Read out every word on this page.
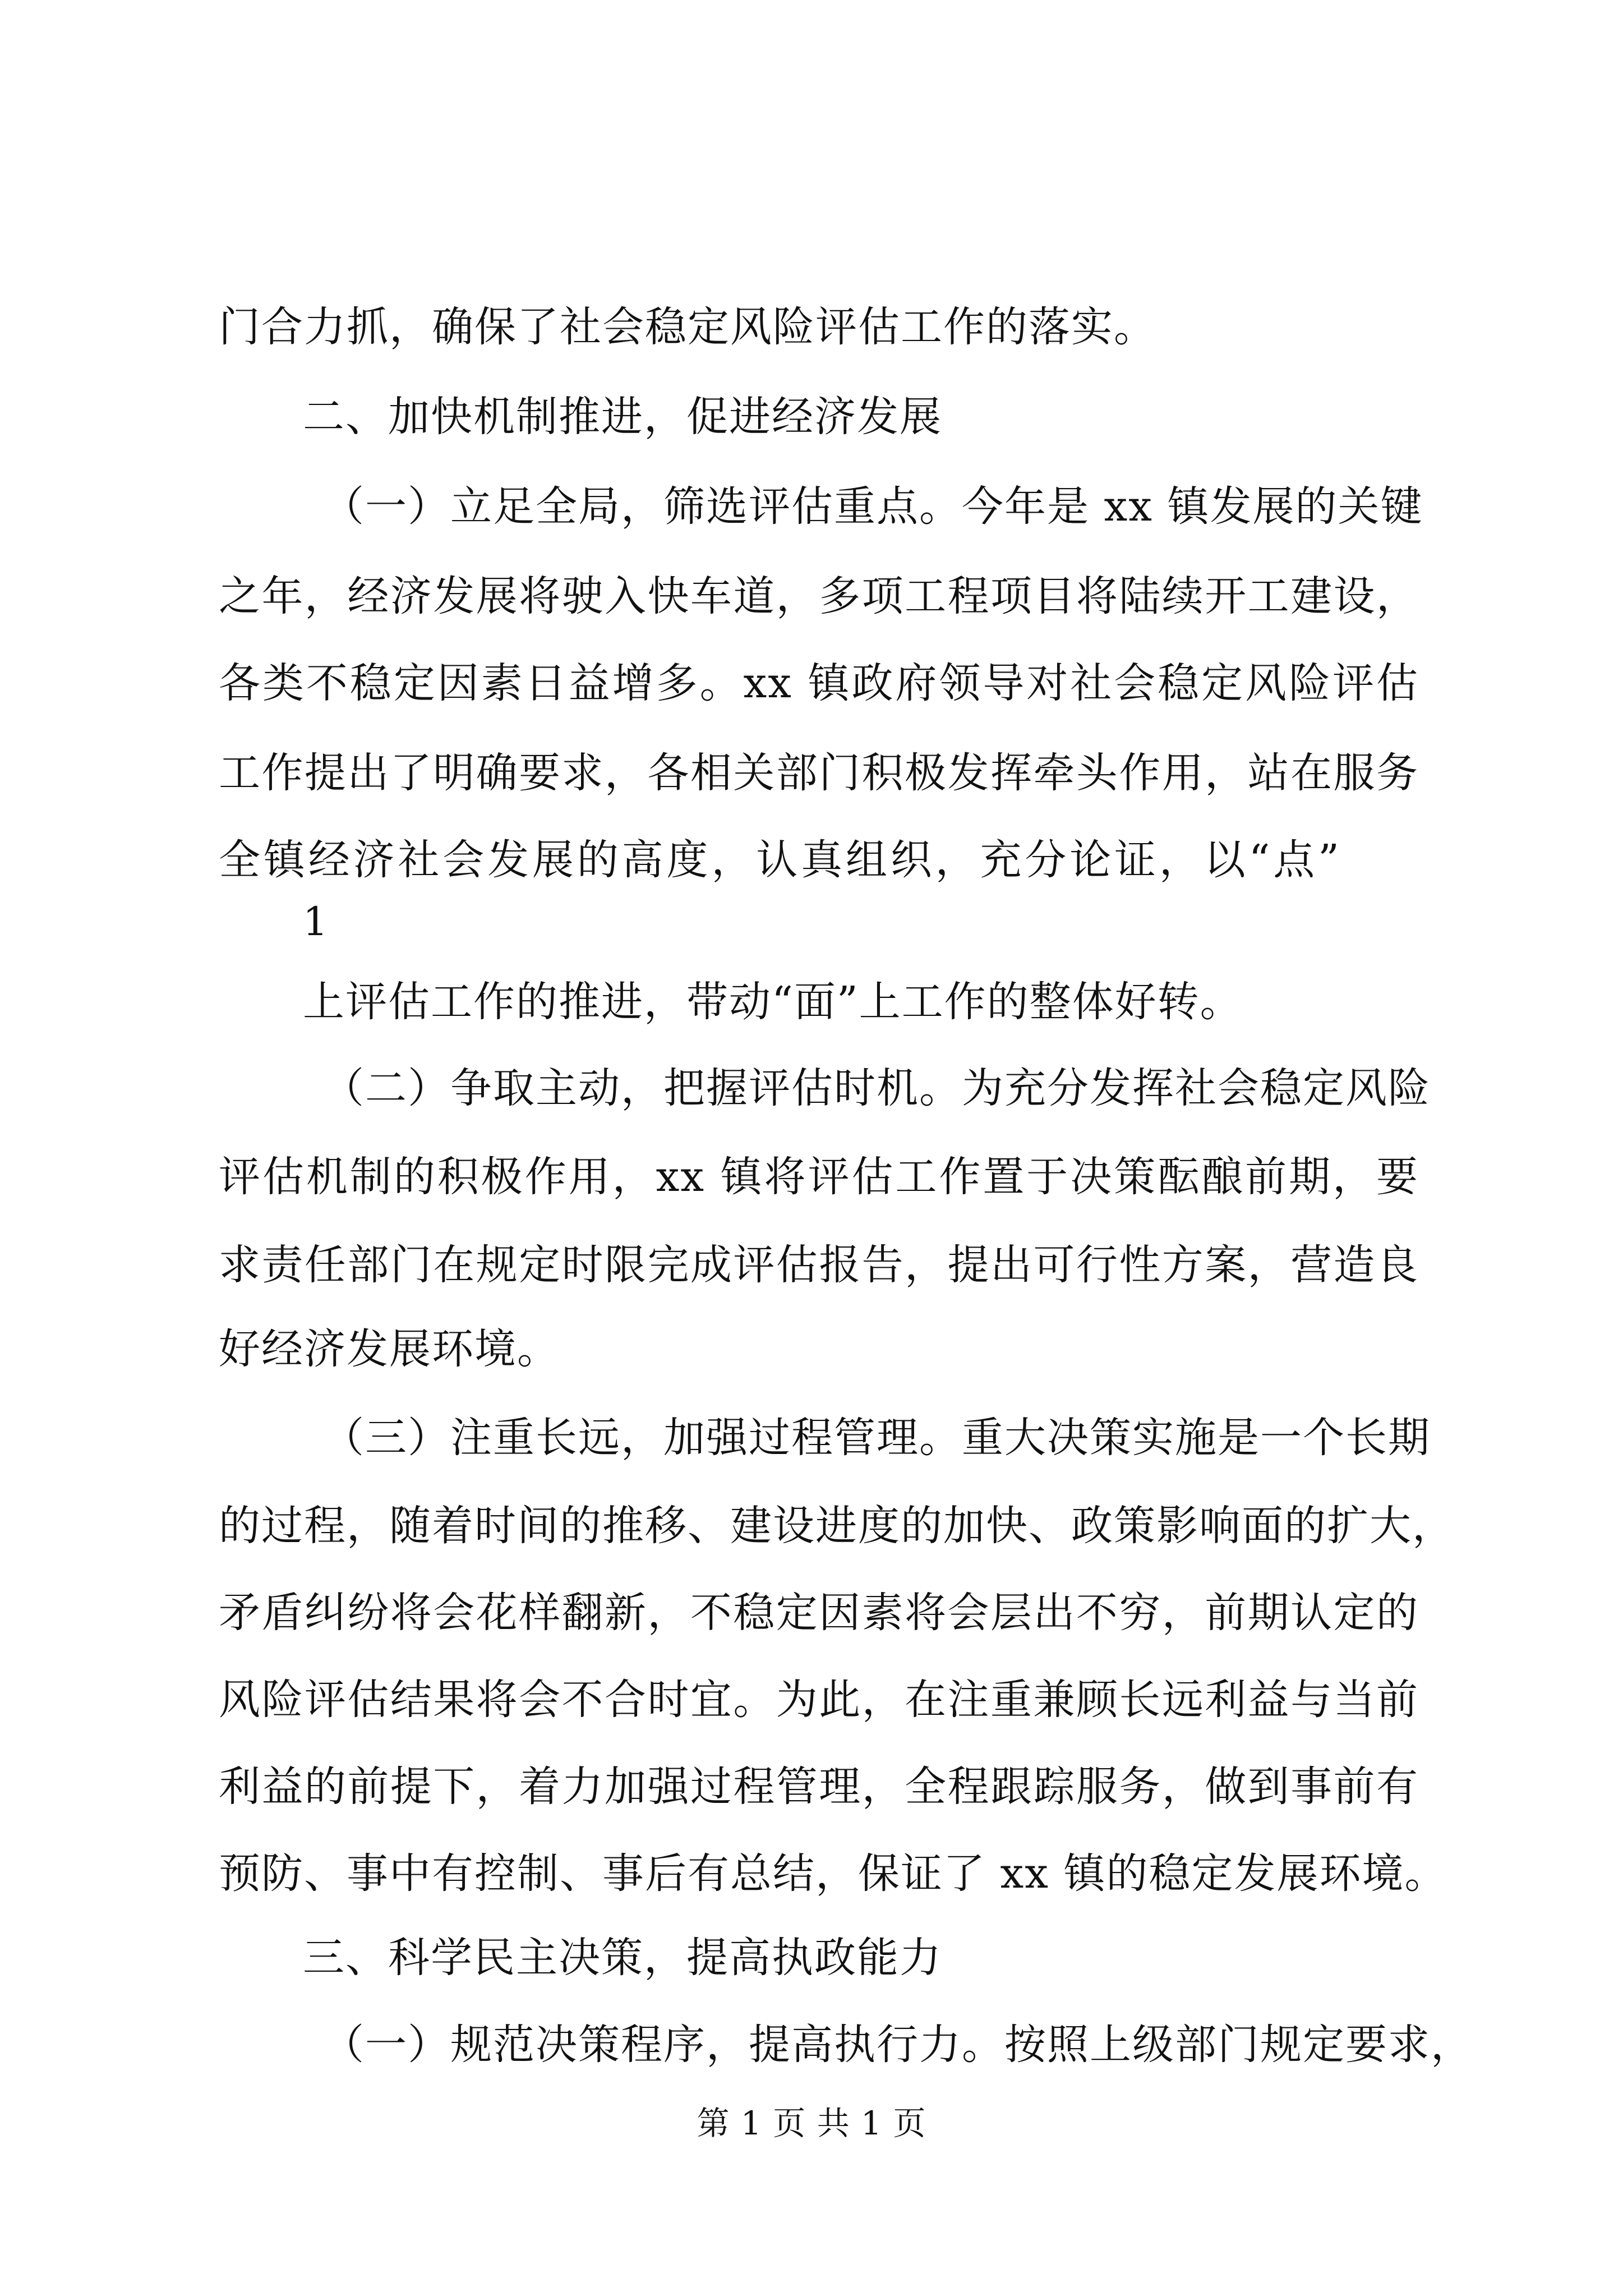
门合力抓，确保了社会稳定风险评估工作的落实。
二、加快机制推进，促进经济发展
（一）立足全局，筛选评估重点。今年是 xx 镇发展的关键
之年，经济发展将驶入快车道，多项工程项目将陆续开工建设，
各类不稳定因素日益增多。xx 镇政府领导对社会稳定风险评估
工作提出了明确要求，各相关部门积极发挥牵头作用，站在服务
全镇经济社会发展的高度，认真组织，充分论证，以“点”
1
上评估工作的推进，带动“面”上工作的整体好转。
（二）争取主动，把握评估时机。为充分发挥社会稳定风险
评估机制的积极作用，xx 镇将评估工作置于决策酝酿前期，要
求责任部门在规定时限完成评估报告，提出可行性方案，营造良
好经济发展环境。
（三）注重长远，加强过程管理。重大决策实施是一个长期
的过程，随着时间的推移、建设进度的加快、政策影响面的扩大，
矛盾纠纷将会花样翻新，不稳定因素将会层出不穷，前期认定的
风险评估结果将会不合时宜。为此，在注重兼顾长远利益与当前
利益的前提下，着力加强过程管理，全程跟踪服务，做到事前有
预防、事中有控制、事后有总结，保证了 xx 镇的稳定发展环境。
三、科学民主决策，提高执政能力
（一）规范决策程序，提高执行力。按照上级部门规定要求，
第 1 页 共 1 页
